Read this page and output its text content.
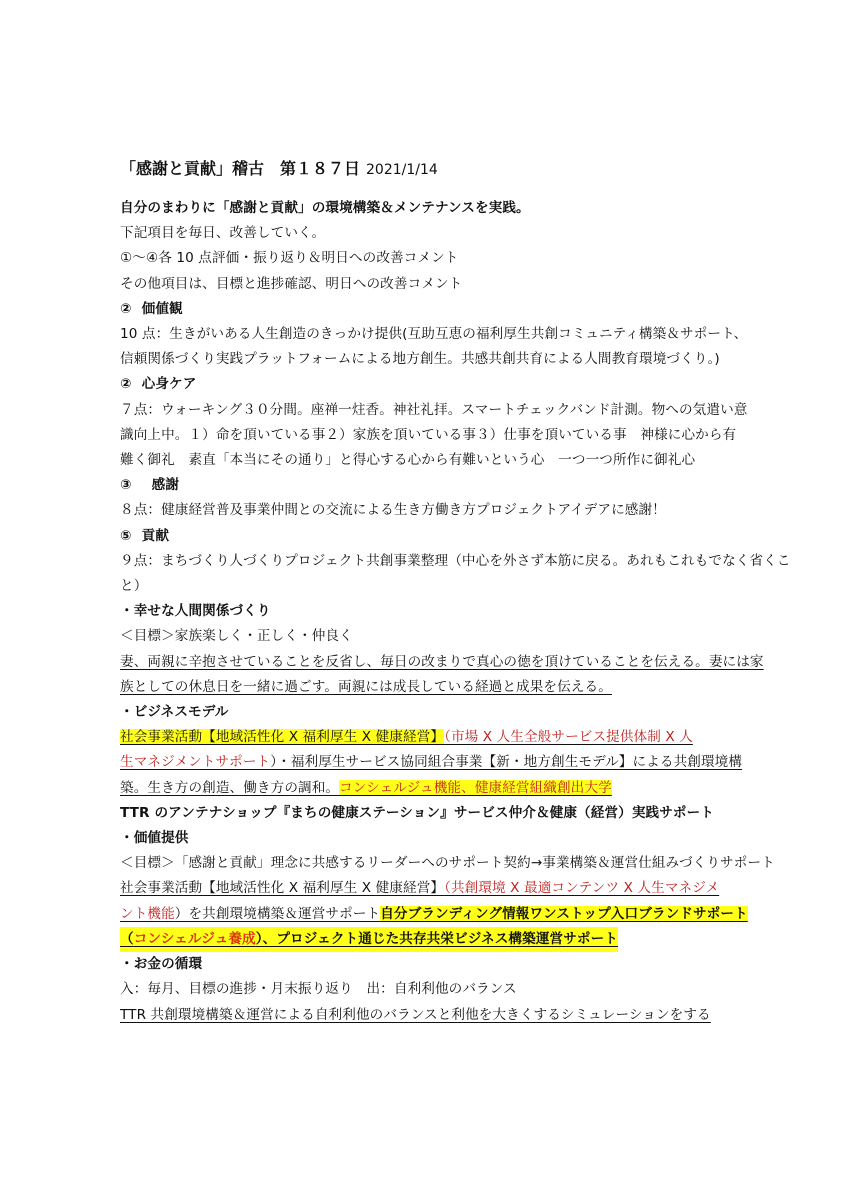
「感謝と貢献」稽古　第１８７日 2021/1/14
自分のまわりに「感謝と貢献」の環境構築＆メンテナンスを実践。
下記項目を毎日、改善していく。
①～④各 10 点評価・振り返り＆明日への改善コメント
その他項目は、目標と進捗確認、明日への改善コメント
② 価値観
10 点：生きがいある人生創造のきっかけ提供(互助互恵の福利厚生共創コミュニティ構築＆サポート、
信頼関係づくり実践プラットフォームによる地方創生。共感共創共育による人間教育環境づくり。)
② 心身ケア
７点：ウォーキング３０分間。座禅一炷香。神社礼拝。スマートチェックバンド計測。物への気遣い意
識向上中。１）命を頂いている事２）家族を頂いている事３）仕事を頂いている事　神様に心から有
難く御礼　素直「本当にその通り」と得心する心から有難いという心　一つ一つ所作に御礼心
③ 感謝
８点：健康経営普及事業仲間との交流による生き方働き方プロジェクトアイデアに感謝！
⑤ 貢献
９点：まちづくり人づくりプロジェクト共創事業整理（中心を外さず本筋に戻る。あれもこれもでなく省くこ
と）
・幸せな人間関係づくり
＜目標＞家族楽しく・正しく・仲良く
妻、両親に辛抱させていることを反省し、毎日の改まりで真心の徳を頂けていることを伝える。妻には家
族としての休息日を一緒に過ごす。両親には成長している経過と成果を伝える。
・ビジネスモデル
社会事業活動【地域活性化 X 福利厚生 X 健康経営】（市場 X 人生全般サービス提供体制 X 人
生マネジメントサポート）・福利厚生サービス協同組合事業【新・地方創生モデル】による共創環境構
築。生き方の創造、働き方の調和。コンシェルジュ機能、健康経営組織創出大学
TTR のアンテナショップ『まちの健康ステーション』サービス仲介＆健康（経営）実践サポート
・価値提供
＜目標＞「感謝と貢献」理念に共感するリーダーへのサポート契約→事業構築＆運営仕組みづくりサポート
社会事業活動【地域活性化 X 福利厚生 X 健康経営】（共創環境 X 最適コンテンツ X 人生マネジメ
ント機能）を共創環境構築＆運営サポート自分ブランディング情報ワンストップ入口ブランドサポート
（コンシェルジュ養成）、プロジェクト通じた共存共栄ビジネス構築運営サポート
・お金の循環
入：毎月、目標の進捗・月末振り返り　出：自利利他のバランス
TTR 共創環境構築＆運営による自利利他のバランスと利他を大きくするシミュレーションをする
